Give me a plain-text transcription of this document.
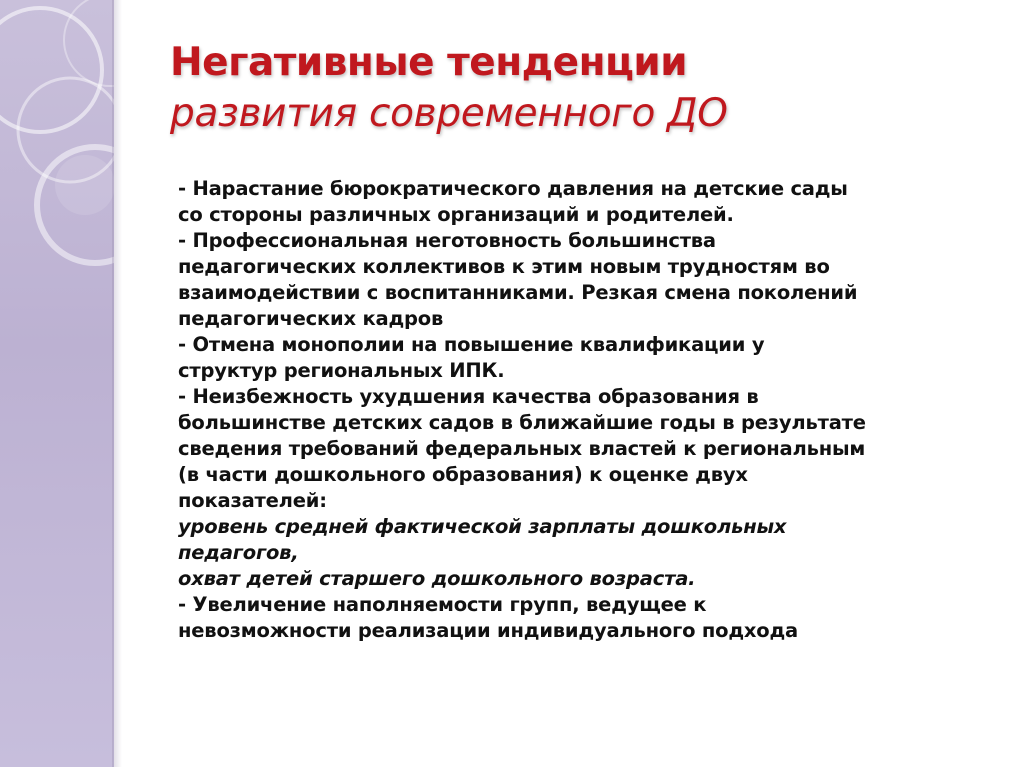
Негативные тенденции
развития современного ДО
- Нарастание бюрократического давления на детские сады
со стороны различных организаций и родителей.
- Профессиональная неготовность большинства
педагогических коллективов к этим новым трудностям во
взаимодействии с воспитанниками. Резкая смена поколений
педагогических кадров
- Отмена монополии на повышение квалификации у
структур региональных ИПК.
- Неизбежность ухудшения качества образования в
большинстве детских садов в ближайшие годы в результате
сведения требований федеральных властей к региональным
(в части дошкольного образования) к оценке двух
показателей:
уровень средней фактической зарплаты дошкольных
педагогов,
охват детей старшего дошкольного возраста.
- Увеличение наполняемости групп, ведущее к
невозможности реализации индивидуального подхода
